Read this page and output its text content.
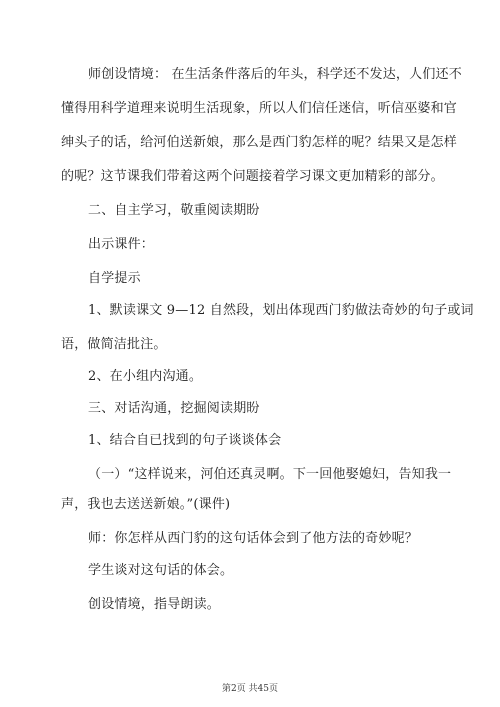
师创设情境： 在生活条件落后的年头，科学还不发达，人们还不
懂得用科学道理来说明生活现象，所以人们信任迷信，听信巫婆和官
绅头子的话，给河伯送新娘，那么是西门豹怎样的呢？结果又是怎样
的呢？这节课我们带着这两个问题接着学习课文更加精彩的部分。
二、自主学习，敬重阅读期盼
出示课件：
自学提示
1、默读课文 9—12 自然段，划出体现西门豹做法奇妙的句子或词
语，做简洁批注。
2、在小组内沟通。
三、对话沟通，挖掘阅读期盼
1、结合自已找到的句子谈谈体会
（一）“这样说来，河伯还真灵啊。下一回他娶媳妇，告知我一
声，我也去送送新娘。”(课件)
师：你怎样从西门豹的这句话体会到了他方法的奇妙呢？
学生谈对这句话的体会。
创设情境，指导朗读。
第2页 共45页
